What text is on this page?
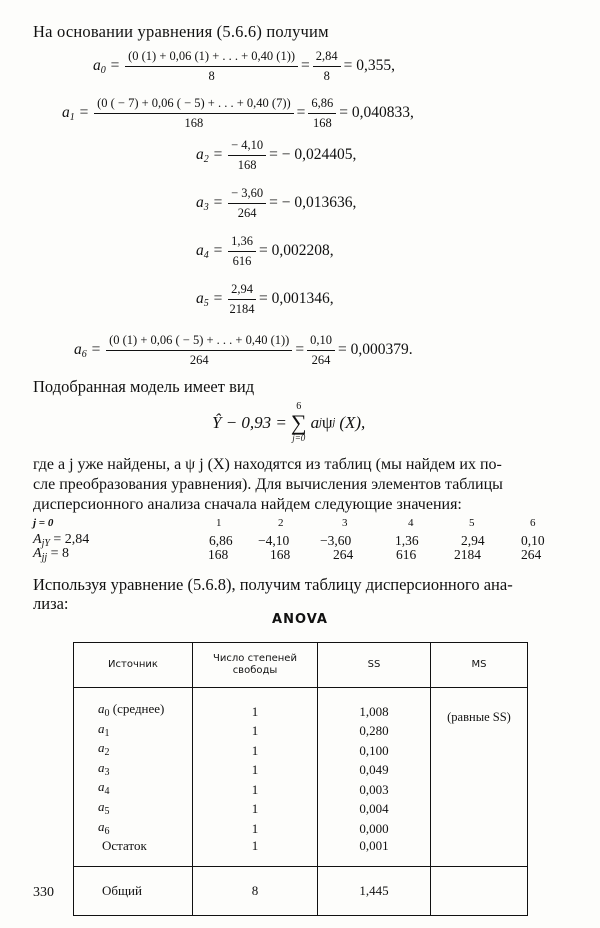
На основании уравнения (5.6.6) получим
$a_0 = \frac{(0 (1) + 0,06 (1) + . . . + 0,40 (1))}{8} = \frac{2,84}{8} = 0,355$,
$a_1 = \frac{(0 ( - 7) + 0,06 ( - 5) + . . . + 0,40 (7))}{168} = \frac{6,86}{168} = 0,040833$,
$a_2 = \frac{- 4,10}{168}$ = − 0,024405,
$a_3 = \frac{- 3,60}{264}$ = − 0,013636,
$a_4 = \frac{1,36}{616} = 0,002208$,
$a_5 = \frac{2,94}{2184} = 0,001346$,
$a_6 = \frac{(0 (1) + 0,06 ( - 5) + . . . + 0,40 (1))}{264} = \frac{0,10}{264} = 0,000379$.
Подобранная модель имеет вид
Ŷ − 0,93 =
6
∑
j=0
a j ψ j (X),
где a j уже найдены, а ψ j (X) находятся из таблиц (мы найдем их по-
сле преобразования уравнения). Для вычисления элементов таблицы
дисперсионного анализа сначала найдем следующие значения:
j = 0	1	2	3	4	5	6
$A_{jY} = 2,84$	6,86 −4,10 −3,60	1,36	2,94	0,10
$A_{jj} = 8$	168	168	264	616	2184	264
Используя уравнение (5.6.8), получим таблицу дисперсионного ана-
лиза:
ANOVA
Источник	Число степеней свободы	SS	MS
$a_0$ (среднее)	1	1,008	(равные SS)
$a_1$	1	0,280	
$a_2$	1	0,100	
$a_3$	1	0,049	
$a_4$	1	0,003	
$a_5$	1	0,004	
$a_6$	1	0,000	
Остаток	1	0,001	
Общий	8	1,445	
330
